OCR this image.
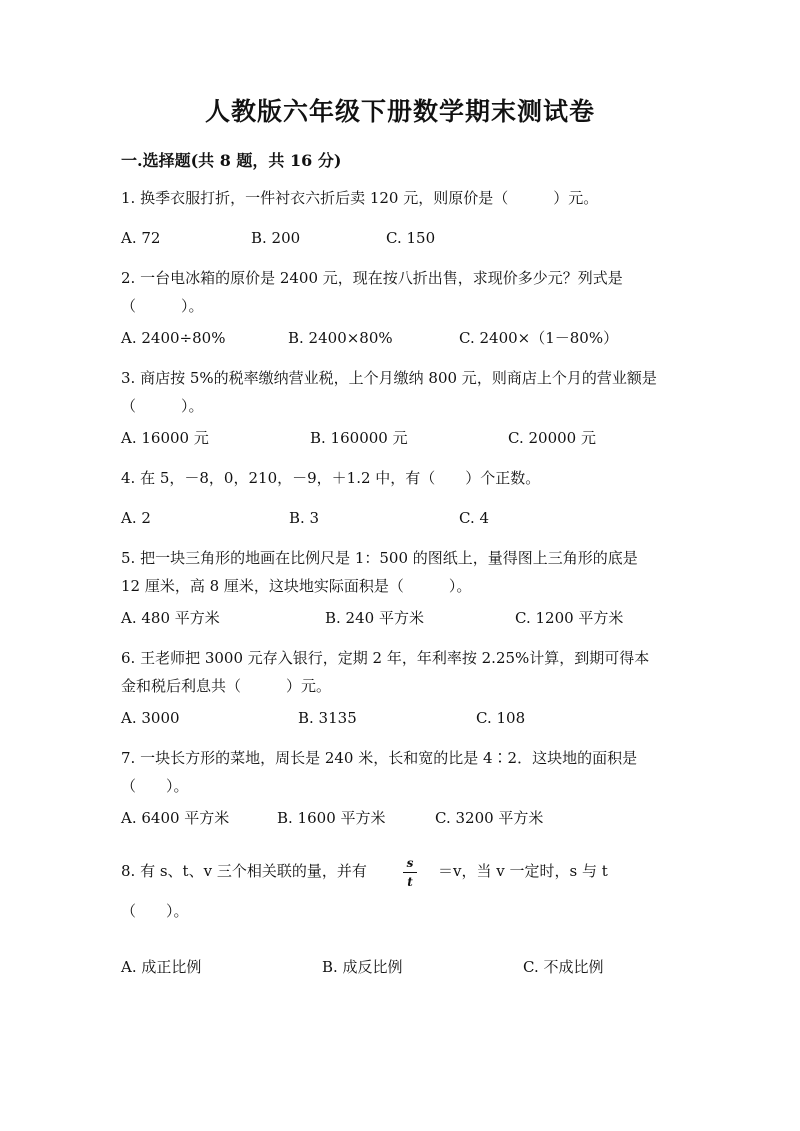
人教版六年级下册数学期末测试卷
一.选择题(共 8 题，共 16 分)
1. 换季衣服打折，一件衬衣六折后卖 120 元，则原价是（　　　）元。
A. 72	B. 200	C. 150
2. 一台电冰箱的原价是 2400 元，现在按八折出售，求现价多少元？列式是（　　　）。
A. 2400÷80%	B. 2400×80%	C. 2400×（1－80%）
3. 商店按 5%的税率缴纳营业税，上个月缴纳 800 元，则商店上个月的营业额是（　　　）。
A. 16000 元	B. 160000 元	C. 20000 元
4. 在 5，－8，0，210，－9，＋1.2 中，有（　　）个正数。
A. 2	B. 3	C. 4
5. 把一块三角形的地画在比例尺是 1：500 的图纸上，量得图上三角形的底是 12 厘米，高 8 厘米，这块地实际面积是（　　　）。
A. 480 平方米	B. 240 平方米	C. 1200 平方米
6. 王老师把 3000 元存入银行，定期 2 年，年利率按 2.25%计算，到期可得本金和税后利息共（　　　）元。
A. 3000	B. 3135	C. 108
7. 一块长方形的菜地，周长是 240 米，长和宽的比是 4∶2．这块地的面积是（　　）。
A. 6400 平方米	B. 1600 平方米	C. 3200 平方米
8. 有 s、t、v 三个相关联的量，并有	s
t
＝v，当 v 一定时，s 与 t
（　　）。
A. 成正比例	B. 成反比例	C. 不成比例
